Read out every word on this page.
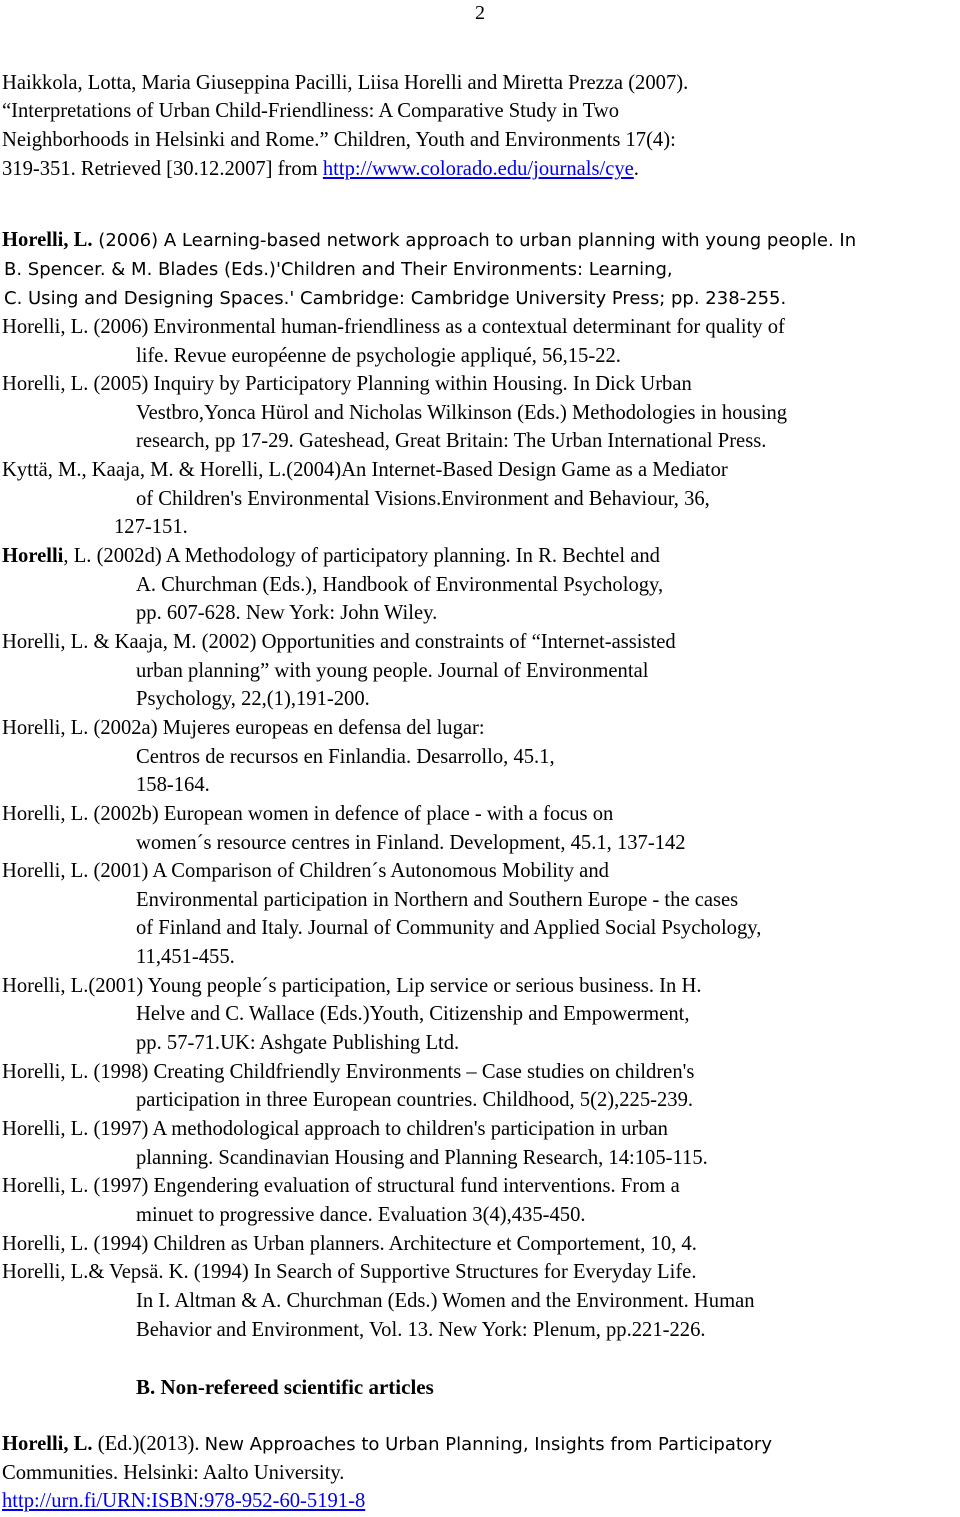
2
Haikkola, Lotta, Maria Giuseppina Pacilli, Liisa Horelli and Miretta Prezza (2007).
“Interpretations of Urban Child-Friendliness: A Comparative Study in Two
Neighborhoods in Helsinki and Rome.” Children, Youth and Environments 17(4):
319-351. Retrieved [30.12.2007] from http://www.colorado.edu/journals/cye.
Horelli, L. (2006) A Learning-based network approach to urban planning with young people. In
B. Spencer. & M. Blades (Eds.)'Children and Their Environments: Learning,
C. Using and Designing Spaces.' Cambridge: Cambridge University Press; pp. 238-255.
Horelli, L. (2006) Environmental human-friendliness as a contextual determinant for quality of
life. Revue européenne de psychologie appliqué, 56,15-22.
Horelli, L. (2005) Inquiry by Participatory Planning within Housing. In Dick Urban
Vestbro,Yonca Hürol and Nicholas Wilkinson (Eds.) Methodologies in housing
research, pp 17-29. Gateshead, Great Britain: The Urban International Press.
Kyttä, M., Kaaja, M. & Horelli, L.(2004)An Internet-Based Design Game as a Mediator
of Children's Environmental Visions.Environment and Behaviour, 36,
127-151.
Horelli, L. (2002d) A Methodology of participatory planning. In R. Bechtel and
A. Churchman (Eds.), Handbook of Environmental Psychology,
pp. 607-628. New York: John Wiley.
Horelli, L. & Kaaja, M. (2002) Opportunities and constraints of “Internet-assisted
urban planning” with young people. Journal of Environmental
Psychology, 22,(1),191-200.
Horelli, L. (2002a) Mujeres europeas en defensa del lugar:
Centros de recursos en Finlandia. Desarrollo, 45.1,
158-164.
Horelli, L. (2002b) European women in defence of place - with a focus on
women´s resource centres in Finland. Development, 45.1, 137-142
Horelli, L. (2001) A Comparison of Children´s Autonomous Mobility and
Environmental participation in Northern and Southern Europe - the cases
of Finland and Italy. Journal of Community and Applied Social Psychology,
11,451-455.
Horelli, L.(2001) Young people´s participation, Lip service or serious business. In H.
Helve and C. Wallace (Eds.)Youth, Citizenship and Empowerment,
pp. 57-71.UK: Ashgate Publishing Ltd.
Horelli, L. (1998) Creating Childfriendly Environments – Case studies on children's
participation in three European countries. Childhood, 5(2),225-239.
Horelli, L. (1997) A methodological approach to children's participation in urban
planning. Scandinavian Housing and Planning Research, 14:105-115.
Horelli, L. (1997) Engendering evaluation of structural fund interventions. From a
minuet to progressive dance. Evaluation 3(4),435-450.
Horelli, L. (1994) Children as Urban planners. Architecture et Comportement, 10, 4.
Horelli, L.& Vepsä. K. (1994) In Search of Supportive Structures for Everyday Life.
In I. Altman & A. Churchman (Eds.) Women and the Environment. Human
Behavior and Environment, Vol. 13. New York: Plenum, pp.221-226.
B. Non-refereed scientific articles
Horelli, L. (Ed.)(2013). New Approaches to Urban Planning, Insights from Participatory
Communities. Helsinki: Aalto University.
http://urn.fi/URN:ISBN:978-952-60-5191-8
